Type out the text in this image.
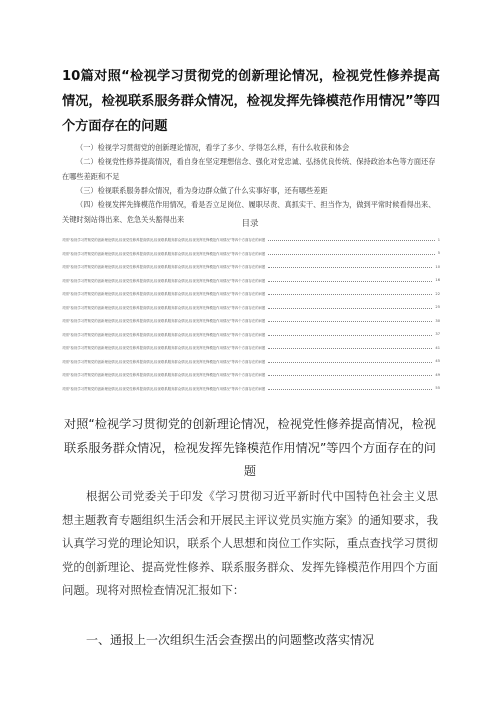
10篇对照“检视学习贯彻党的创新理论情况，检视党性修养提高情况，检视联系服务群众情况，检视发挥先锋模范作用情况”等四个方面存在的问题

（一）检视学习贯彻党的创新理论情况，看学了多少、学得怎么样，有什么收获和体会

（二）检视党性修养提高情况，看自身在坚定理想信念、强化对党忠诚、弘扬优良传统、保持政治本色等方面还存在哪些差距和不足

（三）检视联系服务群众情况，看为身边群众做了什么实事好事，还有哪些差距

（四）检视发挥先锋模范作用情况，看是否立足岗位、履职尽责、真抓实干、担当作为，做到平常时候看得出来、关键时刻站得出来、危急关头豁得出来	目录
对照“检视学习贯彻党的创新理论情况,检视党性修养提高情况,检视联系服务群众情况,检视发挥先锋模范作用情况”等四个方面存在的问题	1
对照“检视学习贯彻党的创新理论情况,检视党性修养提高情况,检视联系服务群众情况,检视发挥先锋模范作用情况”等四个方面存在的问题	5
对照“检视学习贯彻党的创新理论情况,检视党性修养提高情况,检视联系服务群众情况,检视发挥先锋模范作用情况”等四个方面存在的问题	10
对照“检视学习贯彻党的创新理论情况,检视党性修养提高情况,检视联系服务群众情况,检视发挥先锋模范作用情况”等四个方面存在的问题	16
对照“检视学习贯彻党的创新理论情况,检视党性修养提高情况,检视联系服务群众情况,检视发挥先锋模范作用情况”等四个方面存在的问题	22
对照“检视学习贯彻党的创新理论情况,检视党性修养提高情况,检视联系服务群众情况,检视发挥先锋模范作用情况”等四个方面存在的问题	25
对照“检视学习贯彻党的创新理论情况,检视党性修养提高情况,检视联系服务群众情况,检视发挥先锋模范作用情况”等四个方面存在的问题	30
对照“检视学习贯彻党的创新理论情况,检视党性修养提高情况,检视联系服务群众情况,检视发挥先锋模范作用情况”等四个方面存在的问题	37
对照“检视学习贯彻党的创新理论情况,检视党性修养提高情况,检视联系服务群众情况,检视发挥先锋模范作用情况”等四个方面存在的问题	41
对照“检视学习贯彻党的创新理论情况,检视党性修养提高情况,检视联系服务群众情况,检视发挥先锋模范作用情况”等四个方面存在的问题	45
对照“检视学习贯彻党的创新理论情况,检视党性修养提高情况,检视联系服务群众情况,检视发挥先锋模范作用情况”等四个方面存在的问题	49
对照“检视学习贯彻党的创新理论情况,检视党性修养提高情况,检视联系服务群众情况,检视发挥先锋模范作用情况”等四个方面存在的问题	55
对照“检视学习贯彻党的创新理论情况，检视党性修养提高情况，检视联系服务群众情况，检视发挥先锋模范作用情况”等四个方面存在的问题

根据公司党委关于印发《学习贯彻习近平新时代中国特色社会主义思想主题教育专题组织生活会和开展民主评议党员实施方案》的通知要求，我认真学习党的理论知识，联系个人思想和岗位工作实际，重点查找学习贯彻党的创新理论、提高党性修养、联系服务群众、发挥先锋模范作用四个方面问题。现将对照检查情况汇报如下：

一、通报上一次组织生活会查摆出的问题整改落实情况
